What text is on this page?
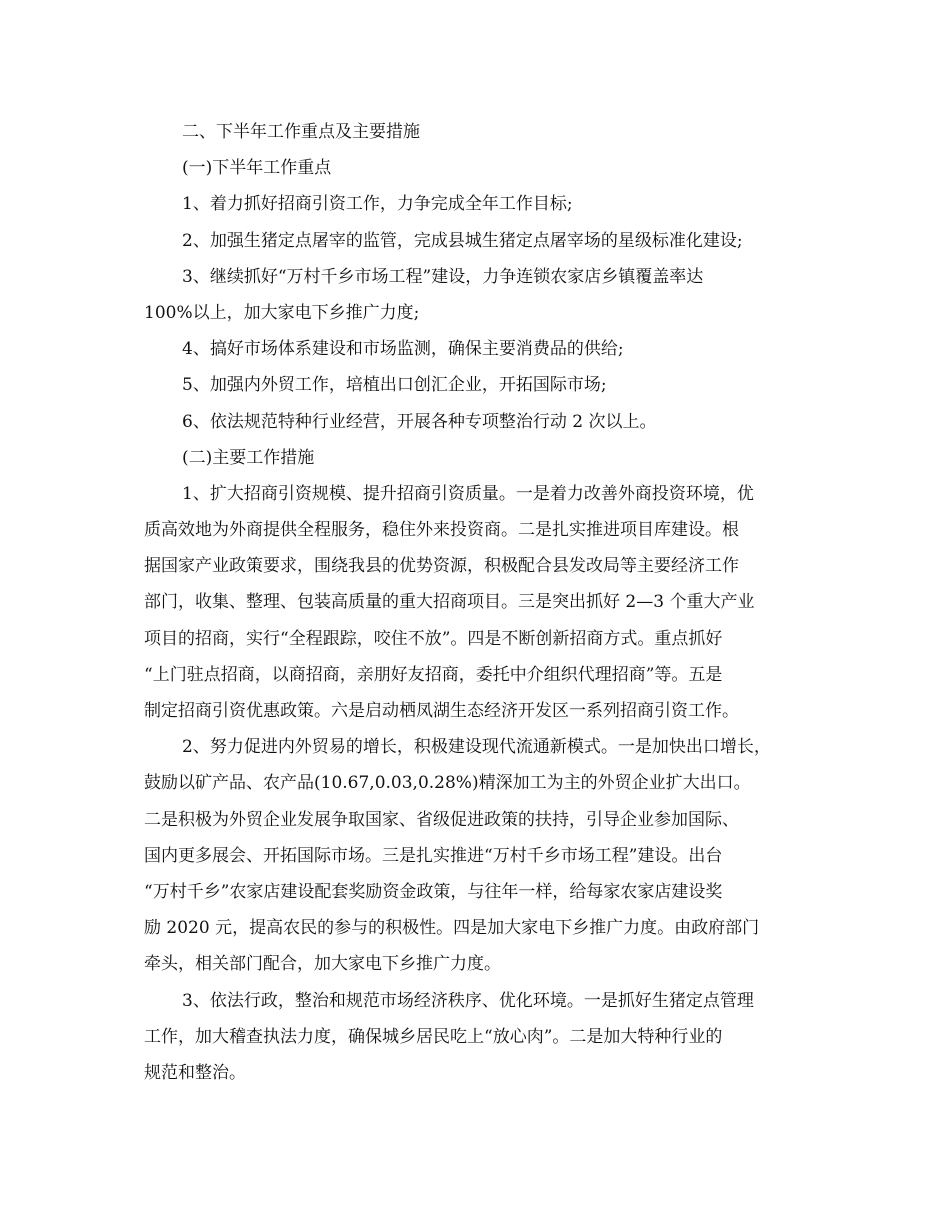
二、下半年工作重点及主要措施

(一)下半年工作重点

1、着力抓好招商引资工作，力争完成全年工作目标;

2、加强生猪定点屠宰的监管，完成县城生猪定点屠宰场的星级标准化建设;

3、继续抓好“万村千乡市场工程”建设，力争连锁农家店乡镇覆盖率达

100%以上，加大家电下乡推广力度;

4、搞好市场体系建设和市场监测，确保主要消费品的供给;

5、加强内外贸工作，培植出口创汇企业，开拓国际市场;

6、依法规范特种行业经营，开展各种专项整治行动 2 次以上。

(二)主要工作措施

1、扩大招商引资规模、提升招商引资质量。一是着力改善外商投资环境，优

质高效地为外商提供全程服务，稳住外来投资商。二是扎实推进项目库建设。根

据国家产业政策要求，围绕我县的优势资源，积极配合县发改局等主要经济工作

部门，收集、整理、包装高质量的重大招商项目。三是突出抓好 2—3 个重大产业

项目的招商，实行“全程跟踪，咬住不放”。四是不断创新招商方式。重点抓好

“上门驻点招商，以商招商，亲朋好友招商，委托中介组织代理招商”等。五是

制定招商引资优惠政策。六是启动栖凤湖生态经济开发区一系列招商引资工作。

2、努力促进内外贸易的增长，积极建设现代流通新模式。一是加快出口增长，

鼓励以矿产品、农产品(10.67,0.03,0.28%)精深加工为主的外贸企业扩大出口。

二是积极为外贸企业发展争取国家、省级促进政策的扶持，引导企业参加国际、

国内更多展会、开拓国际市场。三是扎实推进“万村千乡市场工程”建设。出台

“万村千乡”农家店建设配套奖励资金政策，与往年一样，给每家农家店建设奖

励 2020 元，提高农民的参与的积极性。四是加大家电下乡推广力度。由政府部门

牵头，相关部门配合，加大家电下乡推广力度。

3、依法行政，整治和规范市场经济秩序、优化环境。一是抓好生猪定点管理

工作，加大稽查执法力度，确保城乡居民吃上“放心肉”。二是加大特种行业的

规范和整治。
